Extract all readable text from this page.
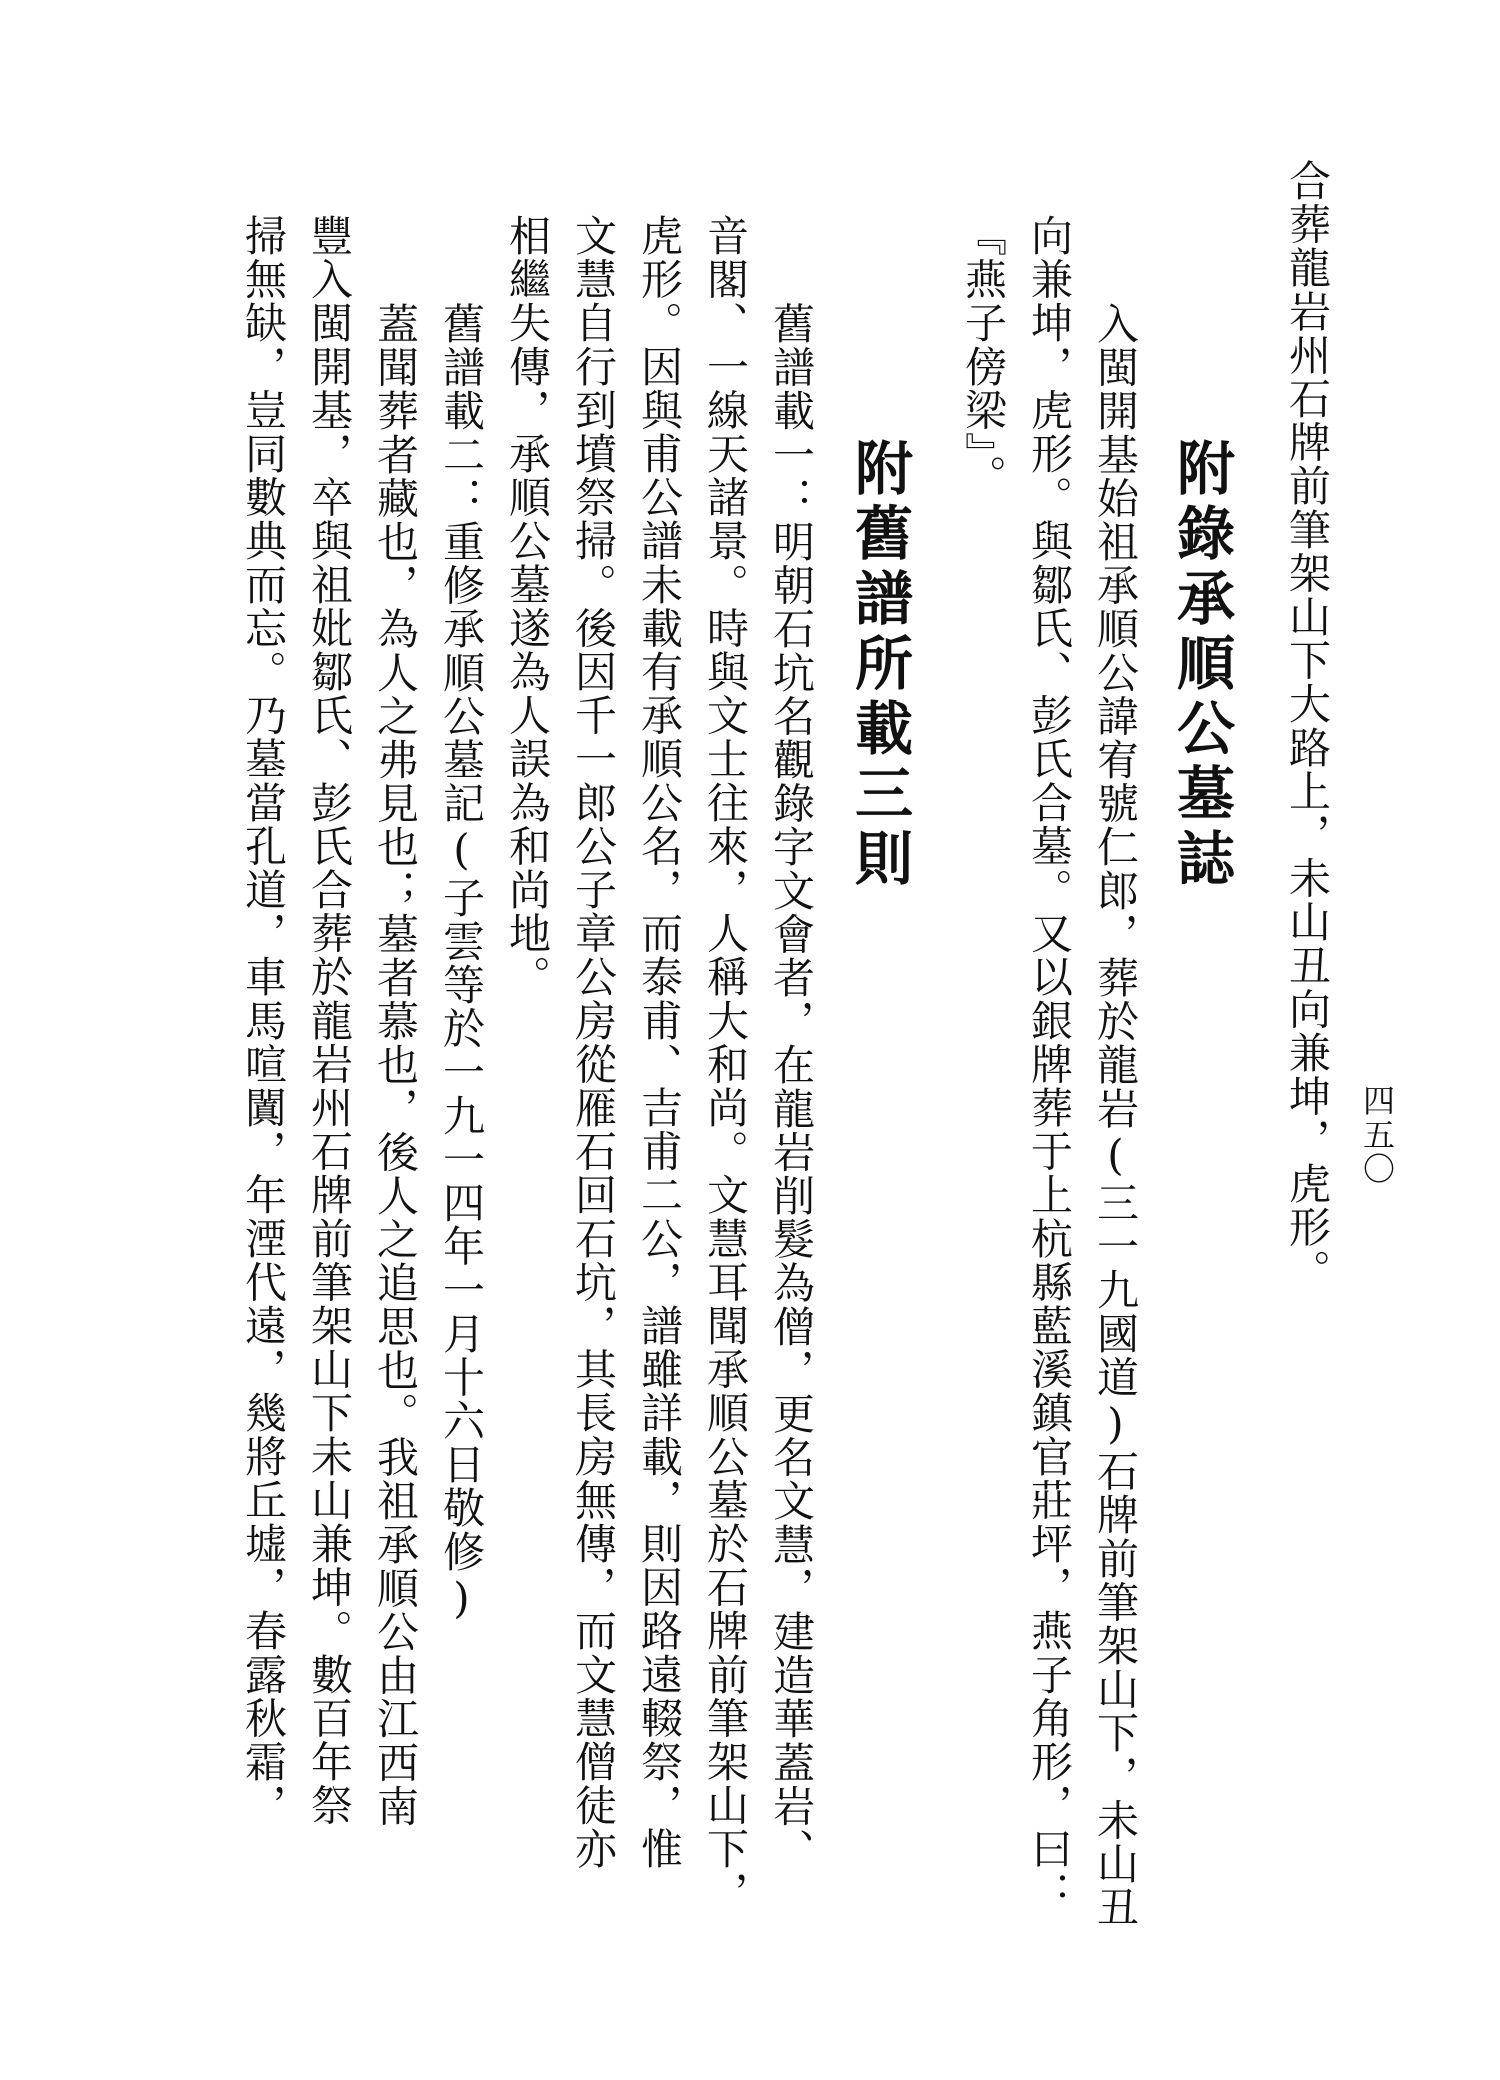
四五〇
合葬龍岩州石牌前筆架山下大路上，未山丑向兼坤，虎形。
附錄承順公墓誌
入閩開基始祖承順公諱宥號仁郎，葬於龍岩(三一九國道)石牌前筆架山下，未山丑
向兼坤，虎形。與鄒氏、彭氏合墓。又以銀牌葬于上杭縣藍溪鎮官莊坪，燕子角形，曰：
『燕子傍梁』。
附舊譜所載三則
舊譜載一：明朝石坑名觀錄字文會者，在龍岩削髮為僧，更名文慧，建造華蓋岩、
音閣、一線天諸景。時與文士往來，人稱大和尚。文慧耳聞承順公墓於石牌前筆架山下，
虎形。因與甫公譜未載有承順公名，而泰甫、吉甫二公，譜雖詳載，則因路遠輟祭，惟
文慧自行到墳祭掃。後因千一郎公子章公房從雁石回石坑，其長房無傳，而文慧僧徒亦
相繼失傳，承順公墓遂為人誤為和尚地。
舊譜載二：重修承順公墓記(子雲等於一九一四年一月十六日敬修)
蓋聞葬者藏也，為人之弗見也；墓者慕也，後人之追思也。我祖承順公由江西南
豐入閩開基，卒與祖妣鄒氏、彭氏合葬於龍岩州石牌前筆架山下未山兼坤。數百年祭
掃無缺，豈同數典而忘。乃墓當孔道，車馬喧闐，年湮代遠，幾將丘墟，春露秋霜，
